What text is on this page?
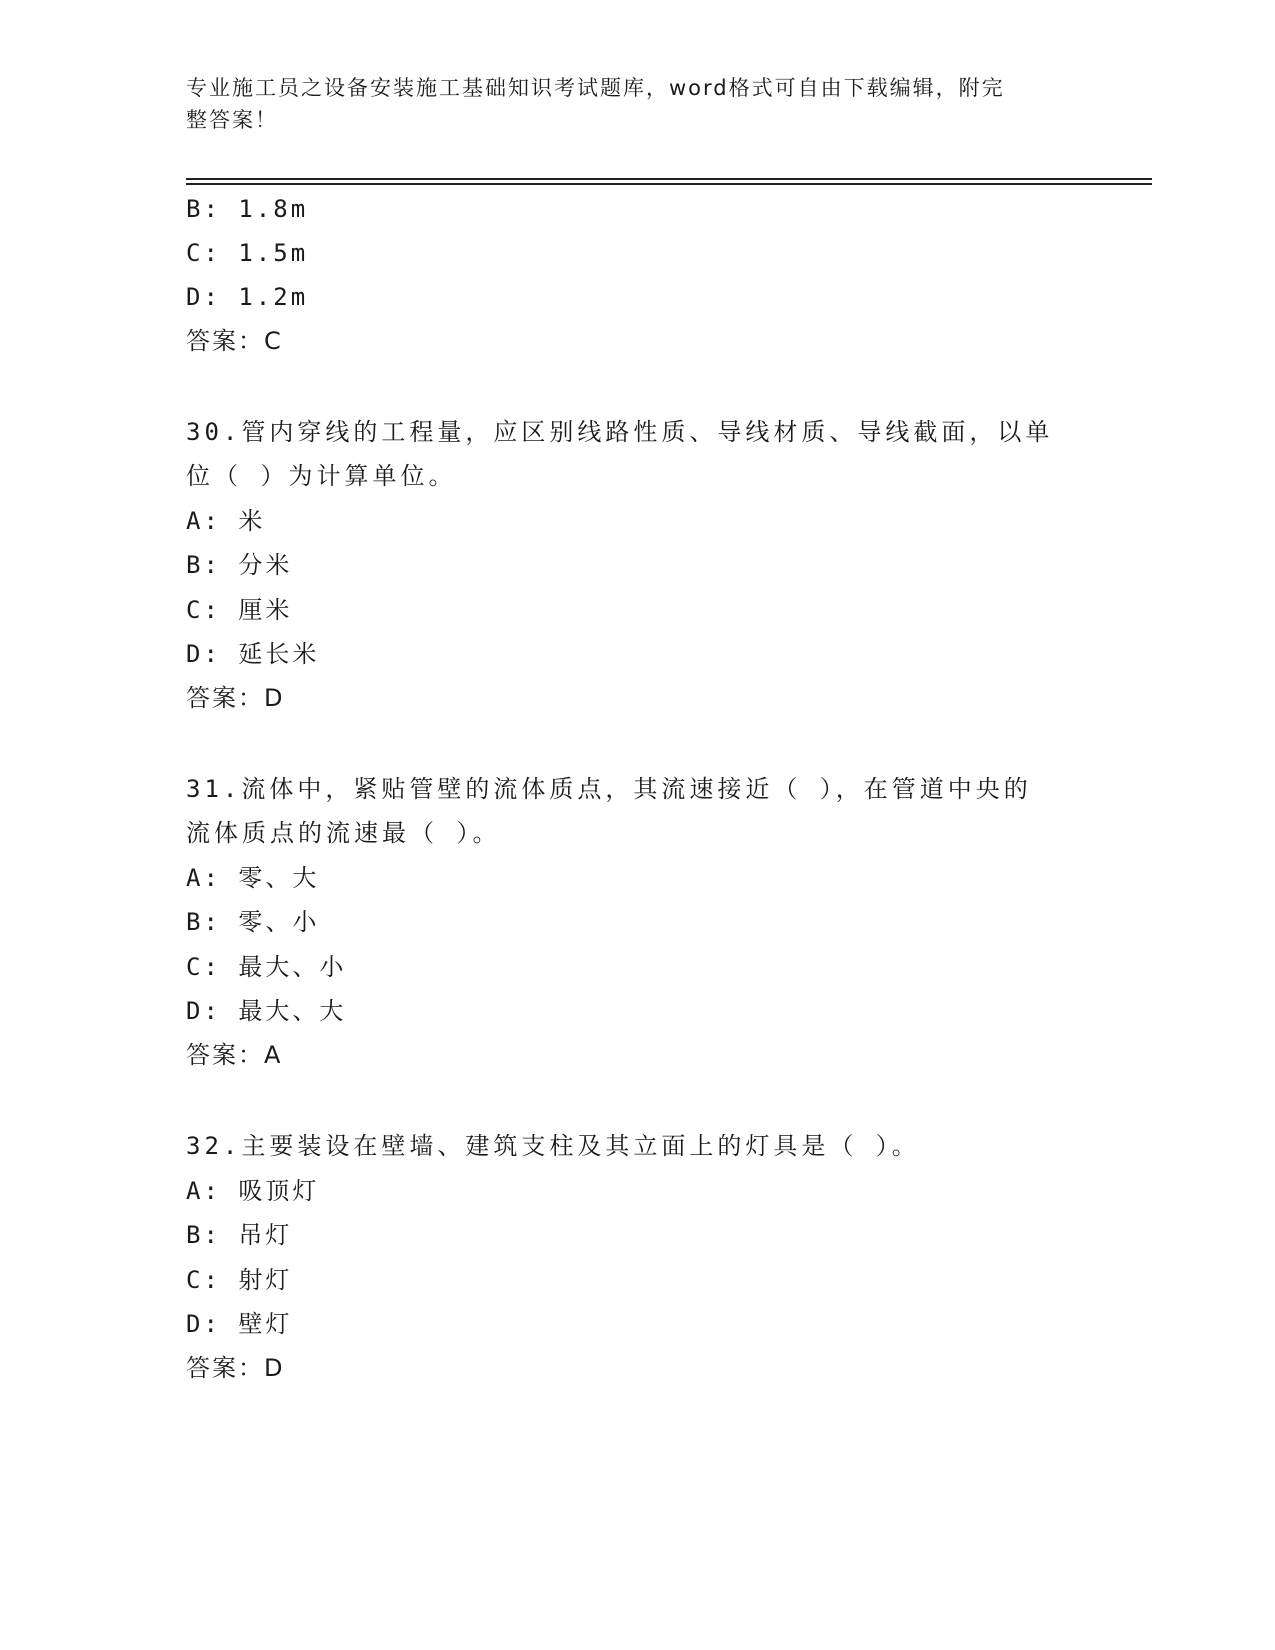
专业施工员之设备安装施工基础知识考试题库，word格式可自由下载编辑，附完
整答案！
B: 1.8m
C: 1.5m
D: 1.2m
答案：C
30.管内穿线的工程量，应区别线路性质、导线材质、导线截面，以单
位（ ）为计算单位。
A: 米
B: 分米
C: 厘米
D: 延长米
答案：D
31.流体中，紧贴管壁的流体质点，其流速接近（ ），在管道中央的
流体质点的流速最（ ）。
A: 零、大
B: 零、小
C: 最大、小
D: 最大、大
答案：A
32.主要装设在壁墙、建筑支柱及其立面上的灯具是（ ）。
A: 吸顶灯
B: 吊灯
C: 射灯
D: 壁灯
答案：D
